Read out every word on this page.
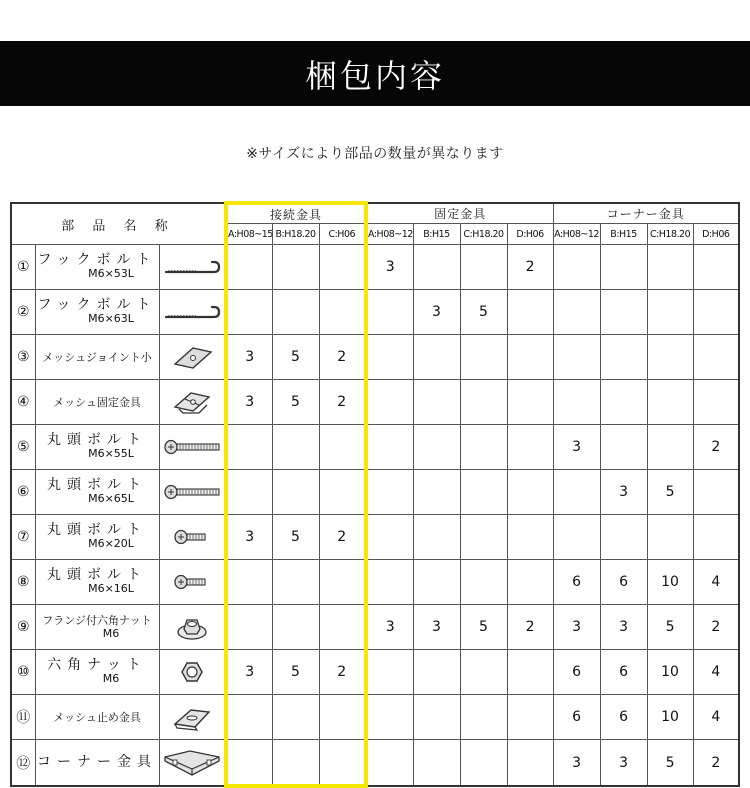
梱包内容
※サイズにより部品の数量が異なります
部 品 名 称			接続金具			固定金具				コーナー金具			
			A:H08~15	B:H18.20	C:H06	A:H08~12	B:H15	C:H18.20	D:H06	A:H08~12	B:H15	C:H18.20	D:H06
①	フックボルト
M6×53L					3			2				
②	フックボルト
M6×63L						3	5					
③	メッシュジョイント小		3	5	2								
④	メッシュ固定金具		3	5	2								
⑤	丸頭ボルト
M6×55L									3			2
⑥	丸頭ボルト
M6×65L										3	5	
⑦	丸頭ボルト
M6×20L		3	5	2								
⑧	丸頭ボルト
M6×16L									6	6	10	4
⑨	フランジ付六角ナット
M6					3	3	5	2	3	3	5	2
⑩	六角ナット
M6		3	5	2					6	6	10	4
⑪	メッシュ止め金具									6	6	10	4
⑫	コーナー金具									3	3	5	2
